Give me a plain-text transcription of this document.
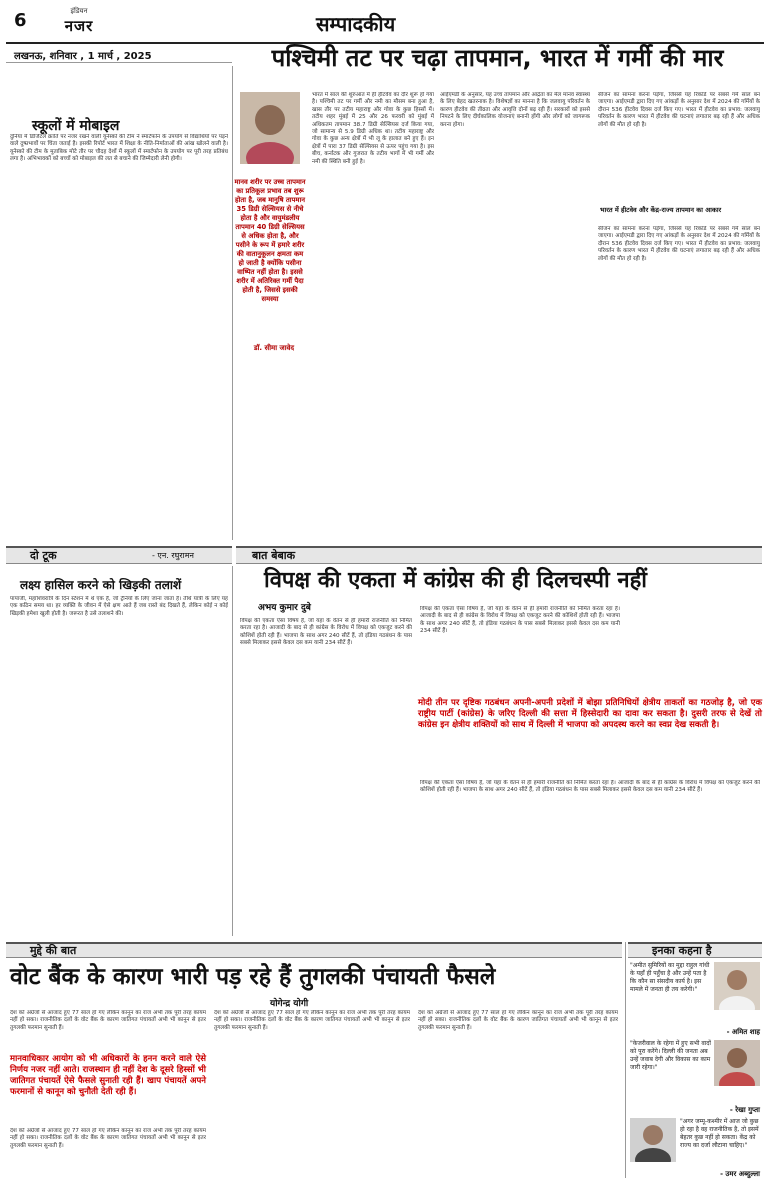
6	इंडियन
नजर	सम्पादकीय
लखनऊ, शनिवार , 1 मार्च , 2025	पश्चिमी तट पर चढ़ा तापमान, भारत में गर्मी की मार
स्कूलों में मोबाइल
दुनिया में डिजिटल क्रांति पर नजर रखने वाली यूनेस्को की टीम ने स्मार्टफोन के उपयोग से विद्यार्थियों पर पड़ने वाले दुष्प्रभावों पर चिंता जताई है। इसकी रिपोर्ट भारत में शिक्षा के नीति-निर्माताओं की आंख खोलने वाली है। यूनेस्को की टीम के मुताबिक मोटे तौर पर चौदह देशों में स्कूलों में स्मार्टफोन के उपयोग पर पूरी तरह प्रतिबंध लगा है। अभिभावकों को बच्चों को मोबाइल की लत से बचाने की जिम्मेदारी लेनी होगी।
मानव शरीर पर उच्च तापमान का प्रतिकूल प्रभाव तब शुरू होता है, जब मानुषि तापमान 35 डिग्री सेल्सियस से नीचे होता है और वायुमंडलीय तापमान 40 डिग्री सेल्सियस से अधिक होता है, और पसीने के रूप में हमारे शरीर की वातानुकूलन क्षमता कम हो जाती है क्योंकि पसीना वाष्पित नहीं होता है। इससे शरीर में अतिरिक्त गर्मी पैदा होती है, जिससे इसकी समस्या
डॉ. सीमा जावेद
भारत में साल की शुरुआत में ही हीटवेव का दौर शुरू हो गया है। पश्चिमी तट पर गर्मी और नमी का मौसम बना हुआ है, खास तौर पर तटीय महाराष्ट्र और गोवा के कुछ हिस्सों में। तटीय शहर मुंबई में 25 और 26 फरवरी को मुंबई में अधिकतम तापमान 38.7 डिग्री सेल्सियस दर्ज किया गया, जो सामान्य से 5.9 डिग्री अधिक था। तटीय महाराष्ट्र और गोवा के कुछ अन्य क्षेत्रों में भी लू के हालात बने हुए हैं। इन क्षेत्रों में पारा 37 डिग्री सेल्सियस से ऊपर पहुंच गया है। इस बीच, कर्नाटक और गुजरात के तटीय भागों में भी गर्मी और नमी की स्थिति बनी हुई है।
आईएमडी के अनुसार, यह उच्च तापमान और आर्द्रता का मेल मानव स्वास्थ्य के लिए बेहद खतरनाक है। विशेषज्ञों का मानना है कि जलवायु परिवर्तन के कारण हीटवेव की तीव्रता और आवृत्ति दोनों बढ़ रही हैं। सरकारों को इससे निपटने के लिए दीर्घकालिक योजनाएं बनानी होंगी और लोगों को जागरूक करना होगा।
सीजन का सामना करना पड़ेगा, जिससे यह रिकॉर्ड पर सबसे गर्म साल बन जाएगा। आईएमडी द्वारा दिए गए आंकड़ों के अनुसार देश में 2024 की गर्मियों के दौरान 536 हीटवेव दिवस दर्ज किए गए। भारत में हीटवेव का प्रभाव: जलवायु परिवर्तन के कारण भारत में हीटवेव की घटनाएं लगातार बढ़ रही हैं और अधिक लोगों की मौत हो रही है।
भारत में हीटवेव और केंद्र-राज्य तापमान का आकार
सीजन का सामना करना पड़ेगा, जिससे यह रिकॉर्ड पर सबसे गर्म साल बन जाएगा। आईएमडी द्वारा दिए गए आंकड़ों के अनुसार देश में 2024 की गर्मियों के दौरान 536 हीटवेव दिवस दर्ज किए गए। भारत में हीटवेव का प्रभाव: जलवायु परिवर्तन के कारण भारत में हीटवेव की घटनाएं लगातार बढ़ रही हैं और अधिक लोगों की मौत हो रही है।
दो टूक	- एन. रघुरामन
लक्ष्य हासिल करने को खिड़की तलाशें
पापाजी, महाशिवरात्रि के दिन स्टेशन में थे एक है, जो ट्रेनियों के लिए जाना जाता है। तीर्थ यात्री के लिए यह एक कठिन समय था। हर व्यक्ति के जीवन में ऐसे क्षण आते हैं जब रास्ते बंद दिखते हैं, लेकिन कोई न कोई खिड़की हमेशा खुली होती है। जरूरत है उसे तलाशने की।
बात बेबाक
विपक्ष की एकता में कांग्रेस की ही दिलचस्पी नहीं
अभय कुमार दुबे
विपक्ष की एकता ऐसा विषय है, जो यहां के वेतन से ही हमारी राजनीति को निर्मित करता रहा है। आजादी के बाद से ही कांग्रेस के विरोध में विपक्ष को एकजुट करने की कोशिशें होती रही हैं। भाजपा के साथ अगर 240 सीटें हैं, तो इंडिया गठबंधन के पास सबसे मिलाकर इससे केवल दस कम यानी 234 सीटें हैं।
विपक्ष की एकता ऐसा विषय है, जो यहां के वेतन से ही हमारी राजनीति को निर्मित करता रहा है। आजादी के बाद से ही कांग्रेस के विरोध में विपक्ष को एकजुट करने की कोशिशें होती रही हैं। भाजपा के साथ अगर 240 सीटें हैं, तो इंडिया गठबंधन के पास सबसे मिलाकर इससे केवल दस कम यानी 234 सीटें हैं।
मोदी तीन पर दृष्टिक गठबंधन अपनी-अपनी प्रदेशों में बोझा प्रतिनिधियों क्षेत्रीय ताकतों का गठजोड़ है, जो एक राष्ट्रीय पार्टी (कांग्रेस) के जरिए दिल्ली की सत्ता में हिस्सेदारी का दावा कर सकता है। दुसरी तरफ से देखें तो कांग्रेस इन क्षेत्रीय शक्तियों को साथ में दिल्ली में भाजपा को अपदस्थ करने का स्वप्न देख सकती है।
विपक्ष की एकता ऐसा विषय है, जो यहां के वेतन से ही हमारी राजनीति को निर्मित करता रहा है। आजादी के बाद से ही कांग्रेस के विरोध में विपक्ष को एकजुट करने की कोशिशें होती रही हैं। भाजपा के साथ अगर 240 सीटें हैं, तो इंडिया गठबंधन के पास सबसे मिलाकर इससे केवल दस कम यानी 234 सीटें हैं।
मुद्दे की बात
वोट बैंक के कारण भारी पड़ रहे हैं तुगलकी पंचायती फैसले
योगेन्द्र योगी
देश को अंग्रेजों से आजाद हुए 77 साल हो गए लेकिन कानून का राज अभी तक पूरी तरह कायम नहीं हो सका। राजनीतिक दलों के वोट बैंक के कारण जातिगत पंचायतों अभी भी कानून से इतर तुगलकी फरमान सुनाती हैं।
मानवाधिकार आयोग को भी अधिकारों के हनन करने वाले ऐसे निर्णय नजर नहीं आते। राजस्थान ही नहीं देश के दूसरे हिस्सों भी जातिगत पंचायतें ऐसे फैसले सुनाती रही हैं। खाप पंचायतें अपने फरमानों से कानून को चुनौती देती रही हैं।
देश को अंग्रेजों से आजाद हुए 77 साल हो गए लेकिन कानून का राज अभी तक पूरी तरह कायम नहीं हो सका। राजनीतिक दलों के वोट बैंक के कारण जातिगत पंचायतों अभी भी कानून से इतर तुगलकी फरमान सुनाती हैं।
देश को अंग्रेजों से आजाद हुए 77 साल हो गए लेकिन कानून का राज अभी तक पूरी तरह कायम नहीं हो सका। राजनीतिक दलों के वोट बैंक के कारण जातिगत पंचायतों अभी भी कानून से इतर तुगलकी फरमान सुनाती हैं।
देश को अंग्रेजों से आजाद हुए 77 साल हो गए लेकिन कानून का राज अभी तक पूरी तरह कायम नहीं हो सका। राजनीतिक दलों के वोट बैंक के कारण जातिगत पंचायतों अभी भी कानून से इतर तुगलकी फरमान सुनाती हैं।
इनका कहना है
"अमीत सुमिरियों का मुद्दा राहुल गांधी के यहाँ ही पहुँचा है और उन्हें पता है कि कौन सा संसदीय कार्य है। इस मामले में जनता ही तय करेगी।"
- अमित शाह
"केजरीवाल के रहेगा में हुए सभी वादों को पूरा करेंगे। दिल्ली की जनता अब उन्हें जवाब देगी और विकास का काम जारी रहेगा।"
- रेखा गुप्ता
"अगर जम्मू-कश्मीर में आज जो कुछ हो रहा है वह राजनीतिक है, तो इसमें बेहतर कुछ नहीं हो सकता। केंद्र को राज्य का दर्जा लौटाना चाहिए।"
- उमर अब्दुल्ला
